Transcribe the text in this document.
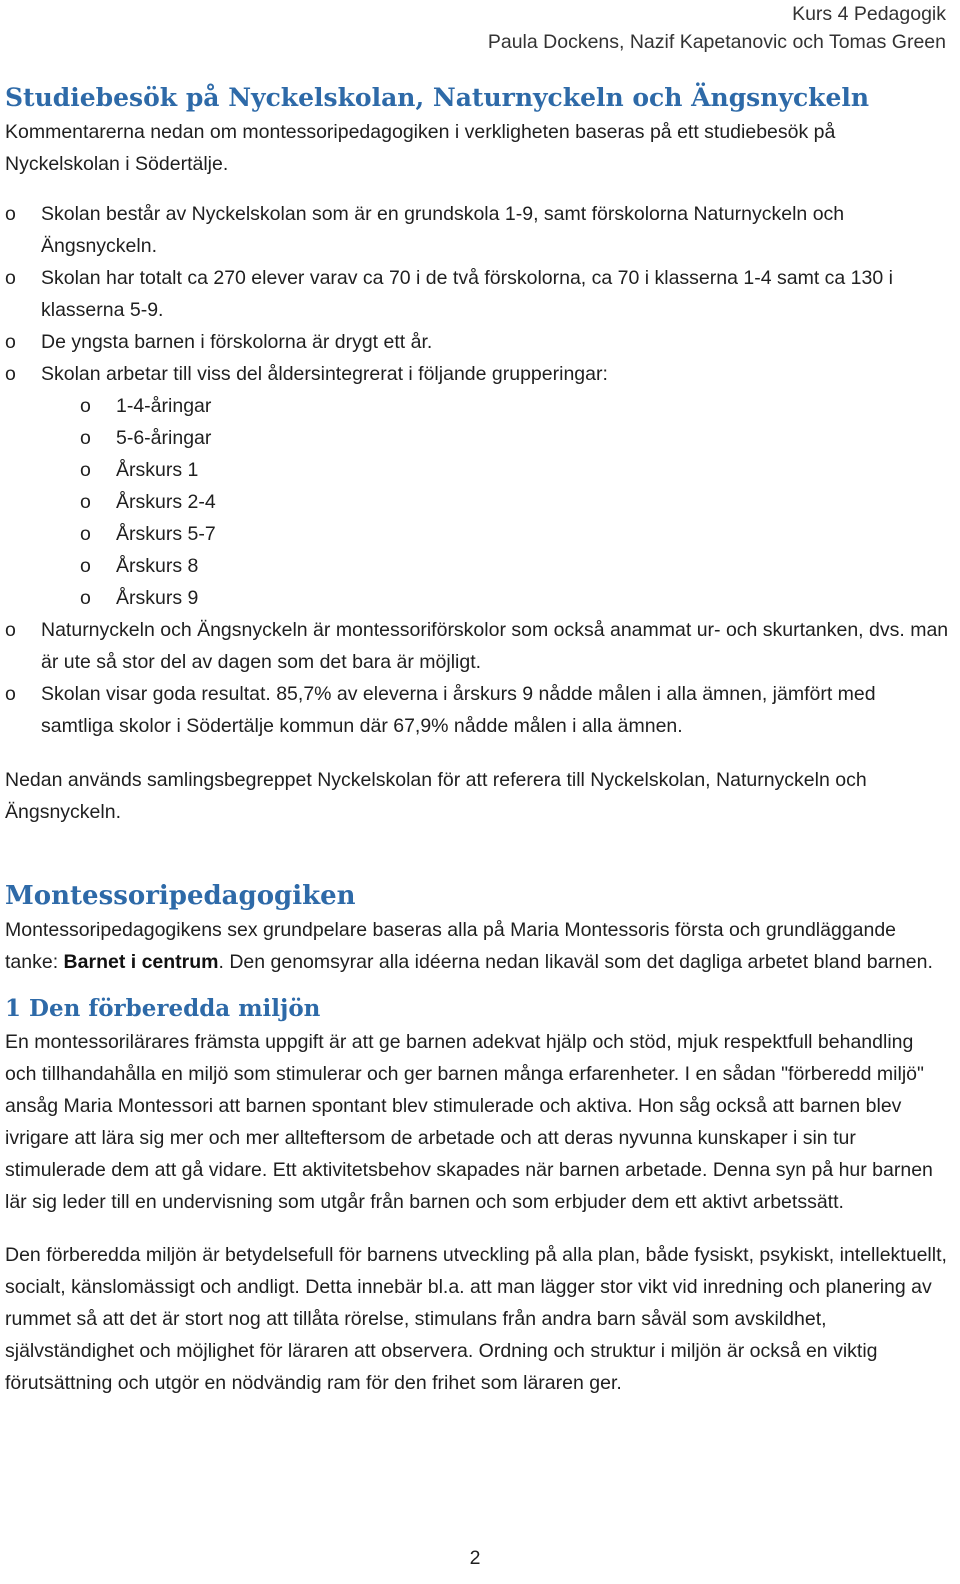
Kurs 4 Pedagogik
Paula Dockens, Nazif Kapetanovic och Tomas Green
Studiebesök på Nyckelskolan, Naturnyckeln och Ängsnyckeln

Kommentarerna nedan om montessoripedagogiken i verkligheten baseras på ett studiebesök på Nyckelskolan i Södertälje.

o Skolan består av Nyckelskolan som är en grundskola 1-9, samt förskolorna Naturnyckeln och Ängsnyckeln.
o Skolan har totalt ca 270 elever varav ca 70 i de två förskolorna, ca 70 i klasserna 1-4 samt ca 130 i klasserna 5-9.
o De yngsta barnen i förskolorna är drygt ett år.
o Skolan arbetar till viss del åldersintegrerat i följande grupperingar:
o 1-4-åringar
o 5-6-åringar
o Årskurs 1
o Årskurs 2-4
o Årskurs 5-7
o Årskurs 8
o Årskurs 9
o Naturnyckeln och Ängsnyckeln är montessoriförskolor som också anammat ur- och skurtanken, dvs. man är ute så stor del av dagen som det bara är möjligt.
o Skolan visar goda resultat. 85,7% av eleverna i årskurs 9 nådde målen i alla ämnen, jämfört med samtliga skolor i Södertälje kommun där 67,9% nådde målen i alla ämnen.

Nedan används samlingsbegreppet Nyckelskolan för att referera till Nyckelskolan, Naturnyckeln och Ängsnyckeln.

Montessoripedagogiken

Montessoripedagogikens sex grundpelare baseras alla på Maria Montessoris första och grundläggande tanke: Barnet i centrum. Den genomsyrar alla idéerna nedan likaväl som det dagliga arbetet bland barnen.

1 Den förberedda miljön

En montessorilärares främsta uppgift är att ge barnen adekvat hjälp och stöd, mjuk respektfull behandling och tillhandahålla en miljö som stimulerar och ger barnen många erfarenheter. I en sådan "förberedd miljö" ansåg Maria Montessori att barnen spontant blev stimulerade och aktiva. Hon såg också att barnen blev ivrigare att lära sig mer och mer allteftersom de arbetade och att deras nyvunna kunskaper i sin tur stimulerade dem att gå vidare. Ett aktivitetsbehov skapades när barnen arbetade. Denna syn på hur barnen lär sig leder till en undervisning som utgår från barnen och som erbjuder dem ett aktivt arbetssätt.

Den förberedda miljön är betydelsefull för barnens utveckling på alla plan, både fysiskt, psykiskt, intellektuellt, socialt, känslomässigt och andligt. Detta innebär bl.a. att man lägger stor vikt vid inredning och planering av rummet så att det är stort nog att tillåta rörelse, stimulans från andra barn såväl som avskildhet, självständighet och möjlighet för läraren att observera. Ordning och struktur i miljön är också en viktig förutsättning och utgör en nödvändig ram för den frihet som läraren ger.

2
